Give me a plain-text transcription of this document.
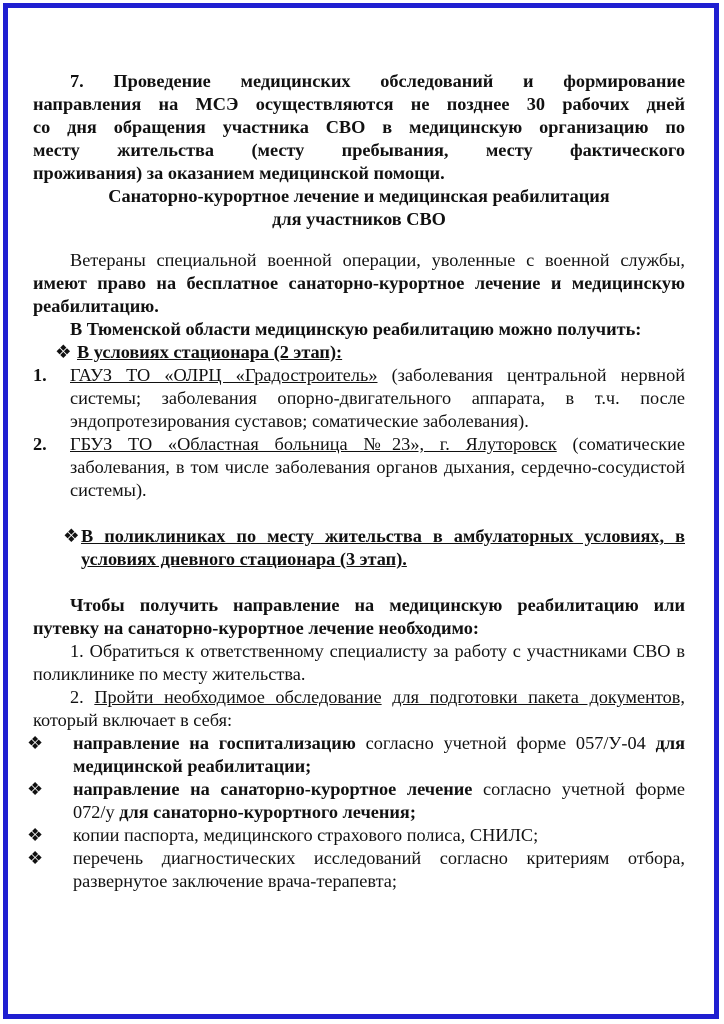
7. Проведение медицинских обследований и формирование

направления на МСЭ осуществляются не позднее 30 рабочих дней

со дня обращения участника СВО в медицинскую организацию по

месту жительства (месту пребывания, месту фактического

проживания) за оказанием медицинской помощи.

Санаторно-курортное лечение и медицинская реабилитация

для участников СВО

Ветераны специальной военной операции, уволенные с военной службы, имеют право на бесплатное санаторно-курортное лечение и медицинскую реабилитацию.

В Тюменской области медицинскую реабилитацию можно получить:

❖ В условиях стационара (2 этап):
1. ГАУЗ ТО «ОЛРЦ «Градостроитель» (заболевания центральной нервной системы; заболевания опорно-двигательного аппарата, в т.ч. после эндопротезирования суставов; соматические заболевания).
2. ГБУЗ ТО «Областная больница №23», г. Ялуторовск (соматические заболевания, в том числе заболевания органов дыхания, сердечно-сосудистой системы).
❖ В поликлиниках по месту жительства в амбулаторных условиях, в условиях дневного стационара (3 этап).

Чтобы получить направление на медицинскую реабилитацию или путевку на санаторно-курортное лечение необходимо:

1. Обратиться к ответственному специалисту за работу с участниками СВО в поликлинике по месту жительства.
2. Пройти необходимое обследование для подготовки пакета документов, который включает в себя:
❖ направление на госпитализацию согласно учетной форме 057/У-04 для медицинской реабилитации;
❖ направление на санаторно-курортное лечение согласно учетной форме 072/у для санаторно-курортного лечения;
❖ копии паспорта, медицинского страхового полиса, СНИЛС;
❖ перечень диагностических исследований согласно критериям отбора, развернутое заключение врача-терапевта;
